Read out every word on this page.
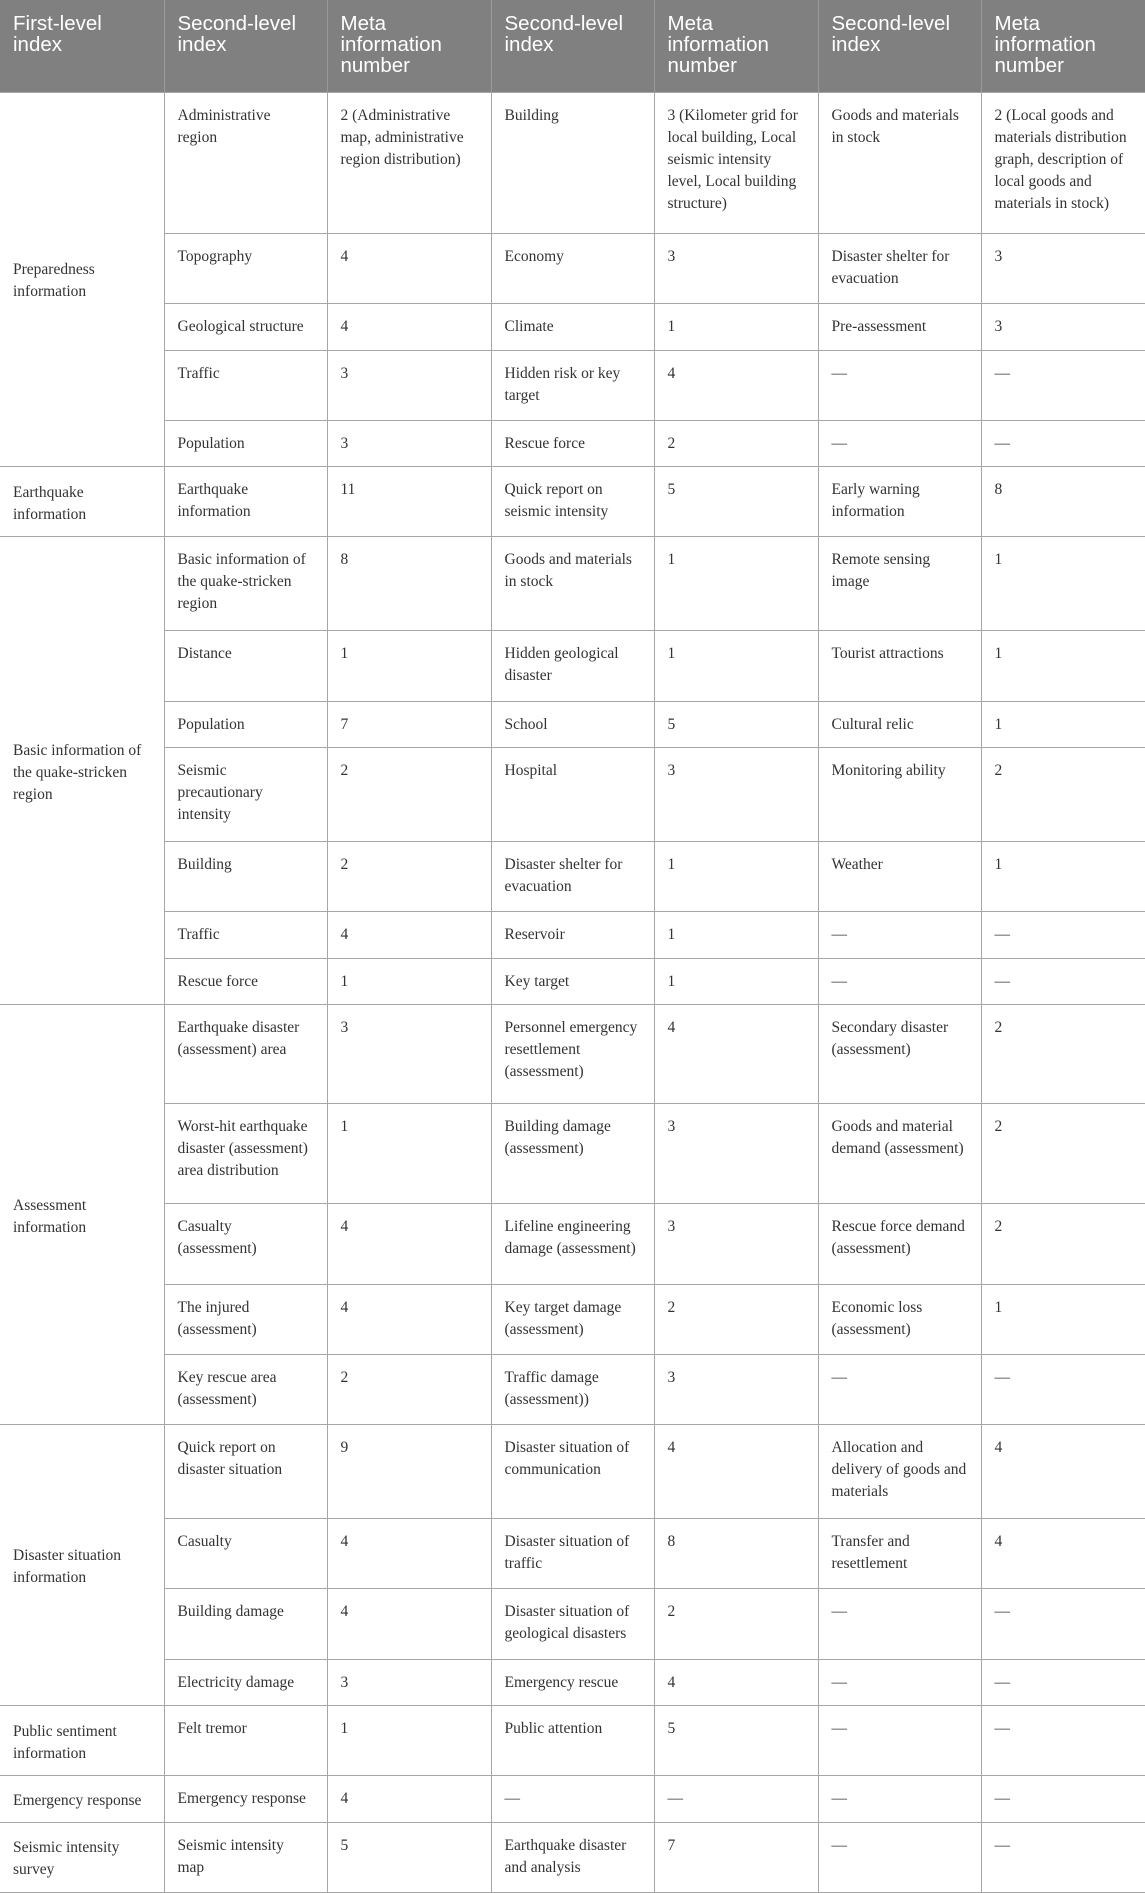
First-level index	Second-level index	Meta information number	Second-level index	Meta information number	Second-level index	Meta information number
Preparedness information	Administrative region	2 (Administrative map, administrative region distribution)	Building	3 (Kilometer grid for local building, Local seismic intensity level, Local building structure)	Goods and materials in stock	2 (Local goods and materials distribution graph, description of local goods and materials in stock)
	Topography	4	Economy	3	Disaster shelter for evacuation	3
	Geological structure	4	Climate	1	Pre-assessment	3
	Traffic	3	Hidden risk or key target	4	—	—
	Population	3	Rescue force	2	—	—
Earthquake information	Earthquake information	11	Quick report on seismic intensity	5	Early warning information	8
Basic information of the quake-stricken region	Basic information of the quake-stricken region	8	Goods and materials in stock	1	Remote sensing image	1
	Distance	1	Hidden geological disaster	1	Tourist attractions	1
	Population	7	School	5	Cultural relic	1
	Seismic precautionary intensity	2	Hospital	3	Monitoring ability	2
	Building	2	Disaster shelter for evacuation	1	Weather	1
	Traffic	4	Reservoir	1	—	—
	Rescue force	1	Key target	1	—	—
Assessment information	Earthquake disaster (assessment) area	3	Personnel emergency resettlement (assessment)	4	Secondary disaster (assessment)	2
	Worst-hit earthquake disaster (assessment) area distribution	1	Building damage (assessment)	3	Goods and material demand (assessment)	2
	Casualty (assessment)	4	Lifeline engineering damage (assessment)	3	Rescue force demand (assessment)	2
	The injured (assessment)	4	Key target damage (assessment)	2	Economic loss (assessment)	1
	Key rescue area (assessment)	2	Traffic damage (assessment))	3	—	—
Disaster situation information	Quick report on disaster situation	9	Disaster situation of communication	4	Allocation and delivery of goods and materials	4
	Casualty	4	Disaster situation of traffic	8	Transfer and resettlement	4
	Building damage	4	Disaster situation of geological disasters	2	—	—
	Electricity damage	3	Emergency rescue	4	—	—
Public sentiment information	Felt tremor	1	Public attention	5	—	—
Emergency response	Emergency response	4	—	—	—	—
Seismic intensity survey	Seismic intensity map	5	Earthquake disaster and analysis	7	—	—
